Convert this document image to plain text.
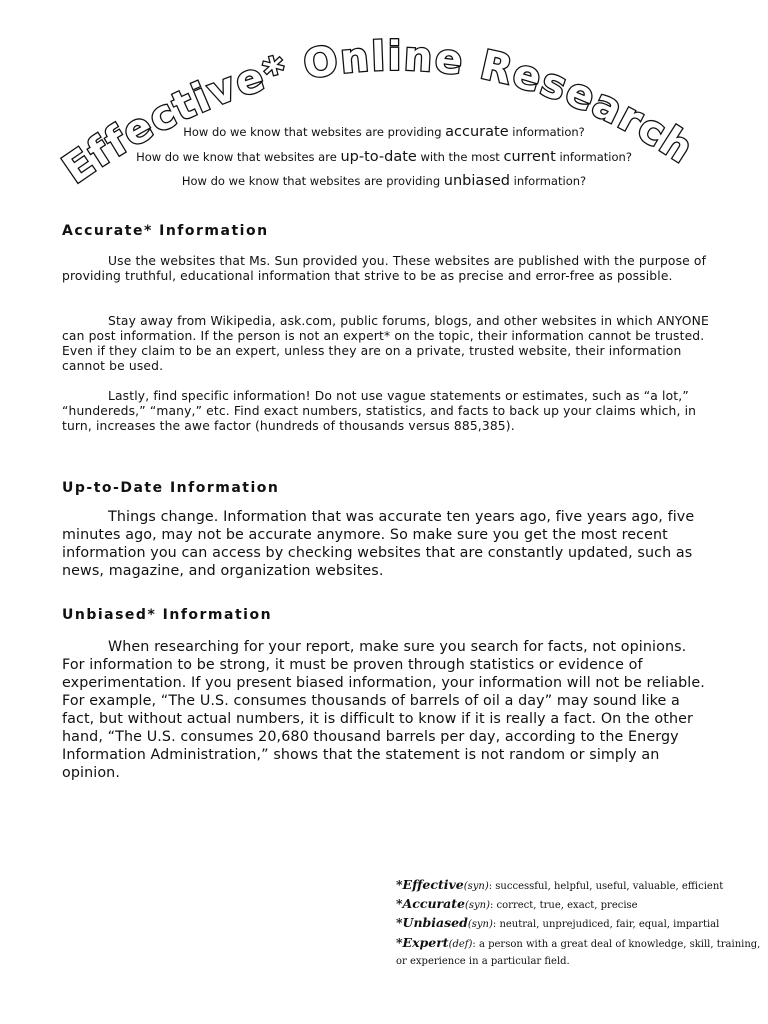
Effective* Online Research
How do we know that websites are providing accurate information?
How do we know that websites are up-to-date with the most current information?
How do we know that websites are providing unbiased information?
Accurate* Information

Use the websites that Ms. Sun provided you. These websites are published with the purpose of providing truthful, educational information that strive to be as precise and error-free as possible.

Stay away from Wikipedia, ask.com, public forums, blogs, and other websites in which ANYONE can post information. If the person is not an expert* on the topic, their information cannot be trusted. Even if they claim to be an expert, unless they are on a private, trusted website, their information cannot be used.

Lastly, find specific information! Do not use vague statements or estimates, such as “a lot,” “hundereds,” “many,” etc. Find exact numbers, statistics, and facts to back up your claims which, in turn, increases the awe factor (hundreds of thousands versus 885,385).

Up-to-Date Information

Things change. Information that was accurate ten years ago, five years ago, five minutes ago, may not be accurate anymore. So make sure you get the most recent information you can access by checking websites that are constantly updated, such as news, magazine, and organization websites.

Unbiased* Information

When researching for your report, make sure you search for facts, not opinions. For information to be strong, it must be proven through statistics or evidence of experimentation. If you present biased information, your information will not be reliable. For example, “The U.S. consumes thousands of barrels of oil a day” may sound like a fact, but without actual numbers, it is difficult to know if it is really a fact. On the other hand, “The U.S. consumes 20,680 thousand barrels per day, according to the Energy Information Administration,” shows that the statement is not random or simply an opinion.

*Effective(syn): successful, helpful, useful, valuable, efficient
*Accurate(syn): correct, true, exact, precise
*Unbiased(syn): neutral, unprejudiced, fair, equal, impartial
*Expert(def): a person with a great deal of knowledge, skill, training, or experience in a particular field.
